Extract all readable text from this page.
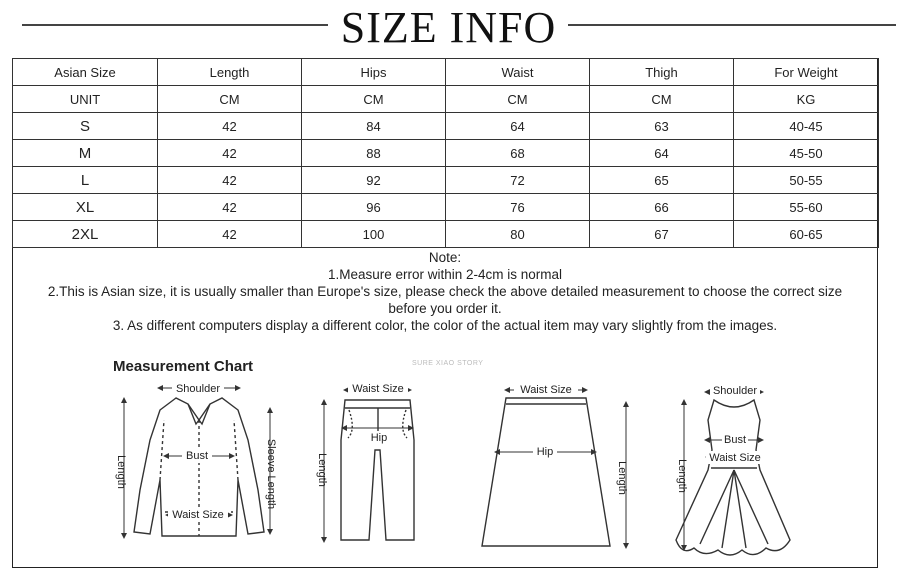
SIZE INFO
Asian Size	Length	Hips	Waist	Thigh	For Weight
UNIT	CM	CM	CM	CM	KG
S	42	84	64	63	40-45
M	42	88	68	64	45-50
L	42	92	72	65	50-55
XL	42	96	76	66	55-60
2XL	42	100	80	67	60-65
Note:
1.Measure error within 2-4cm is normal
2.This is Asian size, it is usually smaller than Europe's size, please check the above detailed measurement to choose the correct size
before you order it.
3. As different computers display a different color, the color of the actual item may vary slightly from the images.
Measurement Chart	SURE XIAO STORY
Shoulder
Bust
Waist Size
Length	Sleeve Length
Waist Size
Hip
Length
Waist Size
Hip
Length
Shoulder
Bust
Waist Size
Length
